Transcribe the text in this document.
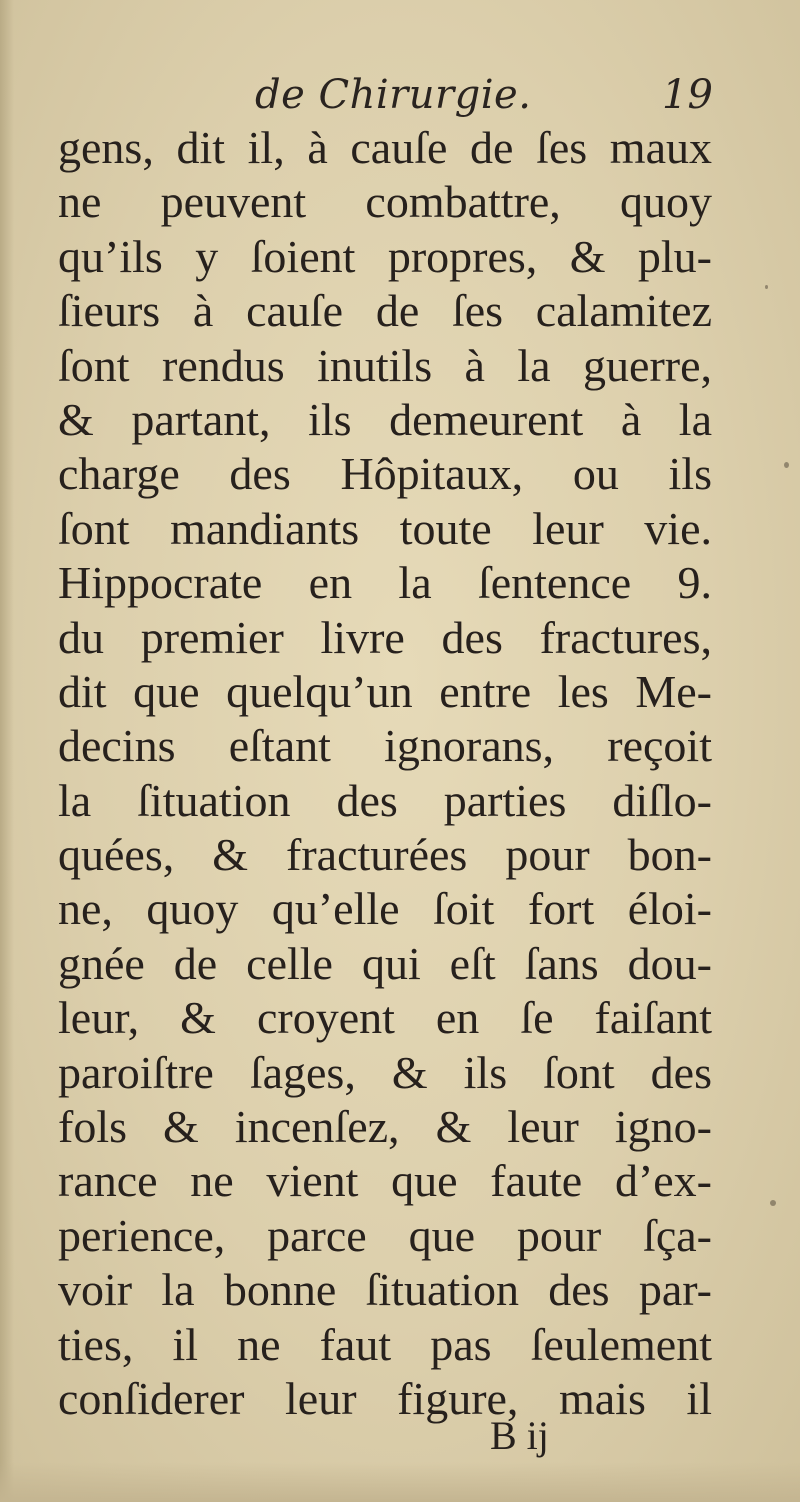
de Chirurgie.	19
gens, dit il, à cauſe de ſes maux
ne peuvent combattre, quoy
qu’ils y ſoient propres, & plu-
ſieurs à cauſe de ſes calamitez
ſont rendus inutils à la guerre,
& partant, ils demeurent à la
charge des Hôpitaux, ou ils
ſont mandiants toute leur vie.
Hippocrate en la ſentence 9.
du premier livre des fractures,
dit que quelqu’un entre les Me-
decins eſtant ignorans, reçoit
la ſituation des parties diſlo-
quées, & fracturées pour bon-
ne, quoy qu’elle ſoit fort éloi-
gnée de celle qui eſt ſans dou-
leur, & croyent en ſe faiſant
paroiſtre ſages, & ils ſont des
fols & incenſez, & leur igno-
rance ne vient que faute d’ex-
perience, parce que pour ſça-
voir la bonne ſituation des par-
ties, il ne faut pas ſeulement
conſiderer leur figure, mais il
B ij
